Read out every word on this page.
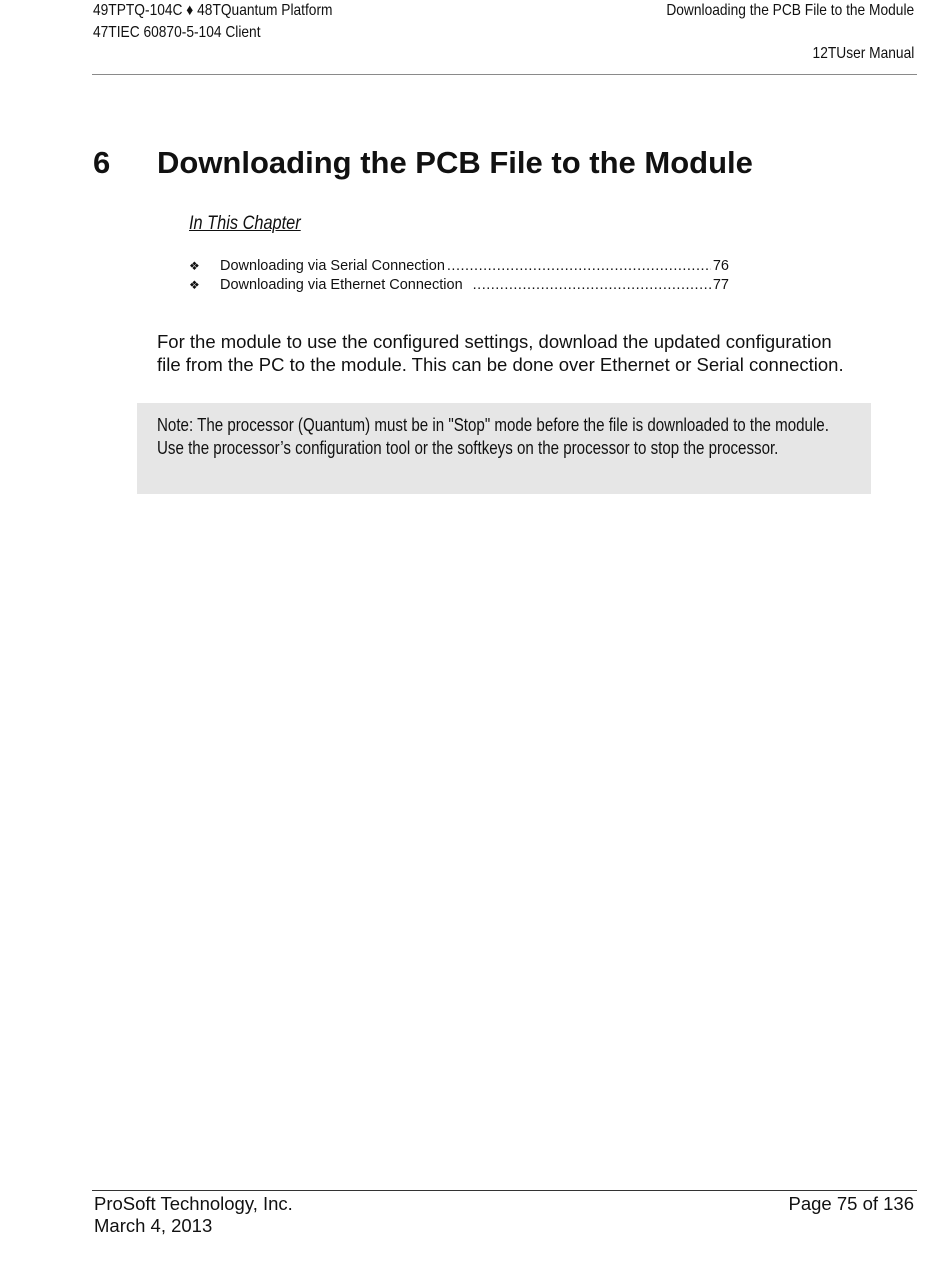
49TPTQ-104C ♦ 48TQuantum Platform
47TIEC 60870-5-104 Client
Downloading the PCB File to the Module
12TUser Manual
6 Downloading the PCB File to the Module
In This Chapter
❖	Downloading via Serial Connection .....	76
❖	Downloading via Ethernet Connection .....	77
For the module to use the configured settings, download the updated configuration file from the PC to the module. This can be done over Ethernet or Serial connection.
Note: The processor (Quantum) must be in "Stop" mode before the file is downloaded to the module. Use the processor’s configuration tool or the softkeys on the processor to stop the processor.
ProSoft Technology, Inc.
March 4, 2013
Page 75 of 136
